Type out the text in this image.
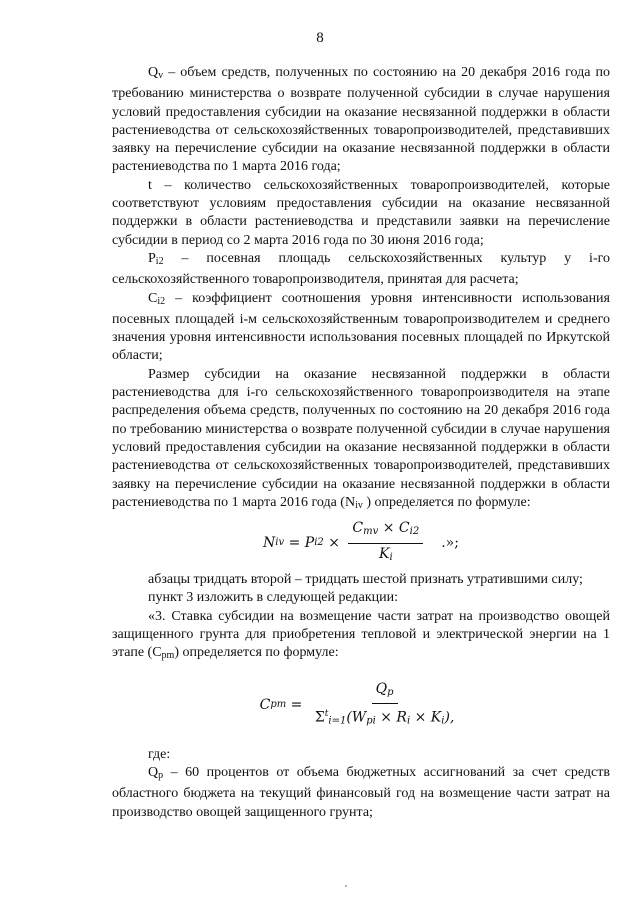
8

$Q_v$ – объем средств, полученных по состоянию на 20 декабря 2016 года по требованию министерства о возврате полученной субсидии в случае нарушения условий предоставления субсидии на оказание несвязанной поддержки в области растениеводства от сельскохозяйственных товаропроизводителей, представивших заявку на перечисление субсидии на оказание несвязанной поддержки в области растениеводства по 1 марта 2016 года;

t – количество сельскохозяйственных товаропроизводителей, которые соответствуют условиям предоставления субсидии на оказание несвязанной поддержки в области растениеводства и представили заявки на перечисление субсидии в период со 2 марта 2016 года по 30 июня 2016 года;

$P_{i2}$ – посевная площадь сельскохозяйственных культур у i-го сельскохозяйственного товаропроизводителя, принятая для расчета;

$C_{i2}$ – коэффициент соотношения уровня интенсивности использования посевных площадей i-м сельскохозяйственным товаропроизводителем и среднего значения уровня интенсивности использования посевных площадей по Иркутской области;

Размер субсидии на оказание несвязанной поддержки в области растениеводства для i-го сельскохозяйственного товаропроизводителя на этапе распределения объема средств, полученных по состоянию на 20 декабря 2016 года по требованию министерства о возврате полученной субсидии в случае нарушения условий предоставления субсидии на оказание несвязанной поддержки в области растениеводства от сельскохозяйственных товаропроизводителей, представивших заявку на перечисление субсидии на оказание несвязанной поддержки в области растениеводства по 1 марта 2016 года ($N_{iv}$ ) определяется по формуле:

N iv = P $i2 \times \frac{C_{mv} \times C_{i2}}{K_i}$ .»;

абзацы тридцать второй – тридцать шестой признать утратившими силу;

пункт 3 изложить в следующей редакции:

«3. Ставка субсидии на возмещение части затрат на производство овощей защищенного грунта для приобретения тепловой и электрической энергии на 1 этапе $(C_{pm})$ определяется по формуле:

C pm = $\frac{Q_p}{\Sigma^t_{i=1}(W_{pi} \times R_i \times K_i),}$

где:

$Q_p - 60$ процентов от объема бюджетных ассигнований за счет средств областного бюджета на текущий финансовый год на возмещение части затрат на производство овощей защищенного грунта;
